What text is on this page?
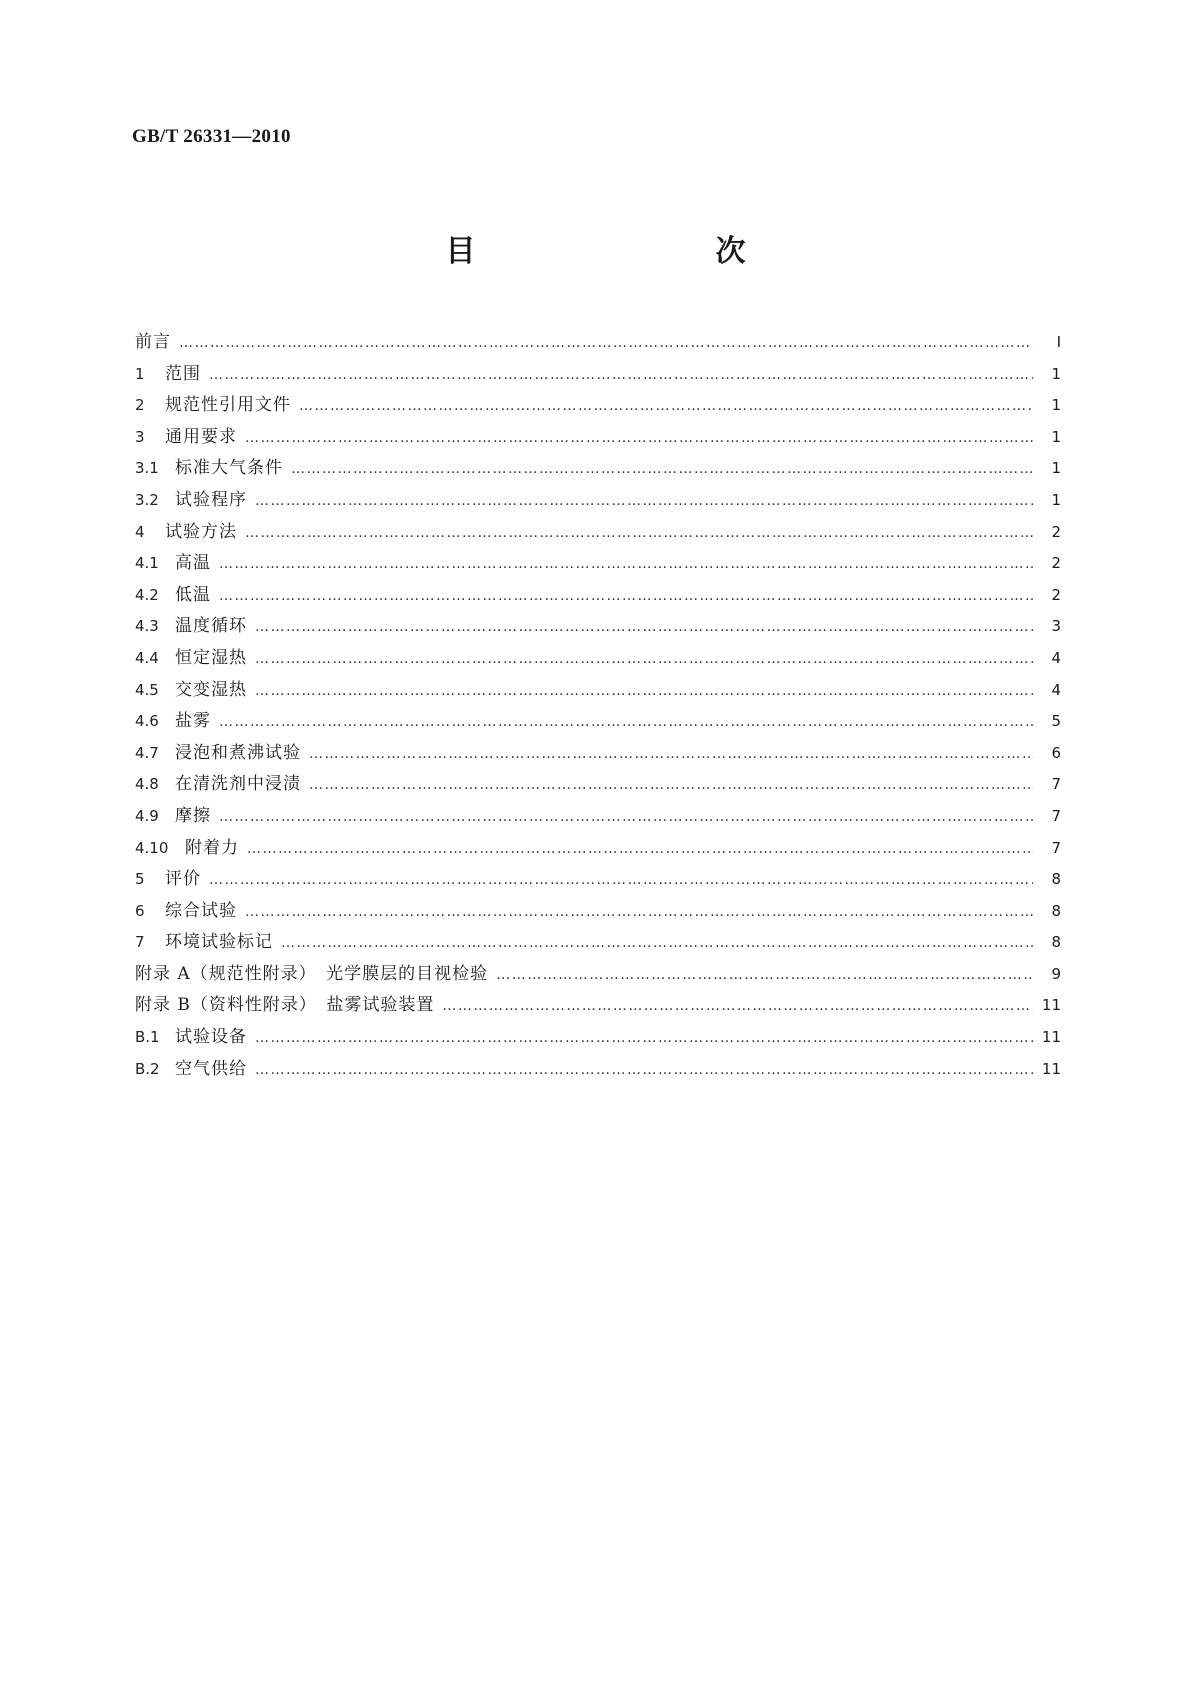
GB/T 26331—2010
目　　次
前言 ……………………………………………………………………………………………………………………………………………………………………………………………………	Ⅰ
1	范围 ……………………………………………………………………………………………………………………………………………………………………………………………………	1
2	规范性引用文件 ……………………………………………………………………………………………………………………………………………………………………………………………………	1
3	通用要求 ……………………………………………………………………………………………………………………………………………………………………………………………………	1
3.1 标准大气条件 ……………………………………………………………………………………………………………………………………………………………………………………………………	1
3.2 试验程序 ……………………………………………………………………………………………………………………………………………………………………………………………………	1
4	试验方法 ……………………………………………………………………………………………………………………………………………………………………………………………………	2
4.1 高温 ……………………………………………………………………………………………………………………………………………………………………………………………………	2
4.2 低温 ……………………………………………………………………………………………………………………………………………………………………………………………………	2
4.3 温度循环 ……………………………………………………………………………………………………………………………………………………………………………………………………	3
4.4 恒定湿热 ……………………………………………………………………………………………………………………………………………………………………………………………………	4
4.5 交变湿热 ……………………………………………………………………………………………………………………………………………………………………………………………………	4
4.6 盐雾 ……………………………………………………………………………………………………………………………………………………………………………………………………	5
4.7 浸泡和煮沸试验 ……………………………………………………………………………………………………………………………………………………………………………………………………	6
4.8 在清洗剂中浸渍 ……………………………………………………………………………………………………………………………………………………………………………………………………	7
4.9 摩擦 ……………………………………………………………………………………………………………………………………………………………………………………………………	7
4.10 附着力 ……………………………………………………………………………………………………………………………………………………………………………………………………	7
5	评价 ……………………………………………………………………………………………………………………………………………………………………………………………………	8
6	综合试验 ……………………………………………………………………………………………………………………………………………………………………………………………………	8
7	环境试验标记 ……………………………………………………………………………………………………………………………………………………………………………………………………	8
附录 A（规范性附录）　光学膜层的目视检验 ……………………………………………………………………………………………………………………………………………………………………………………………………	9
附录 B（资料性附录）　盐雾试验装置 ……………………………………………………………………………………………………………………………………………………………………………………………………	11
B.1 试验设备 ……………………………………………………………………………………………………………………………………………………………………………………………………	11
B.2 空气供给 ……………………………………………………………………………………………………………………………………………………………………………………………………	11
